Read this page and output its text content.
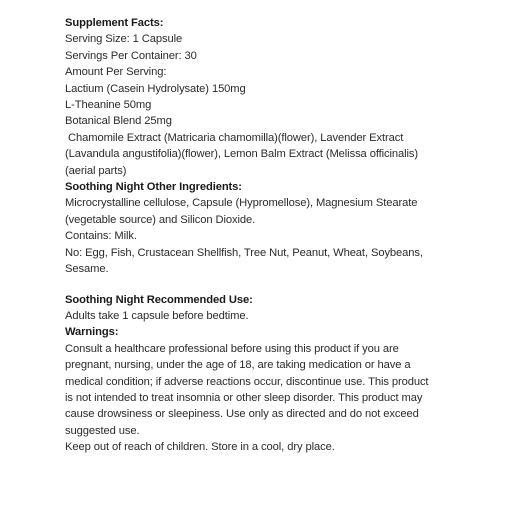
Supplement Facts:
Serving Size: 1 Capsule
Servings Per Container: 30
Amount Per Serving:
Lactium (Casein Hydrolysate) 150mg
L-Theanine 50mg
Botanical Blend 25mg
Chamomile Extract (Matricaria chamomilla)(flower), Lavender Extract
(Lavandula angustifolia)(flower), Lemon Balm Extract (Melissa officinalis)
(aerial parts)
Soothing Night Other Ingredients:
Microcrystalline cellulose, Capsule (Hypromellose), Magnesium Stearate
(vegetable source) and Silicon Dioxide.
Contains: Milk.
No: Egg, Fish, Crustacean Shellfish, Tree Nut, Peanut, Wheat, Soybeans,
Sesame.
Soothing Night Recommended Use:
Adults take 1 capsule before bedtime.
Warnings:
Consult a healthcare professional before using this product if you are
pregnant, nursing, under the age of 18, are taking medication or have a
medical condition; if adverse reactions occur, discontinue use. This product
is not intended to treat insomnia or other sleep disorder. This product may
cause drowsiness or sleepiness. Use only as directed and do not exceed
suggested use.
Keep out of reach of children. Store in a cool, dry place.
